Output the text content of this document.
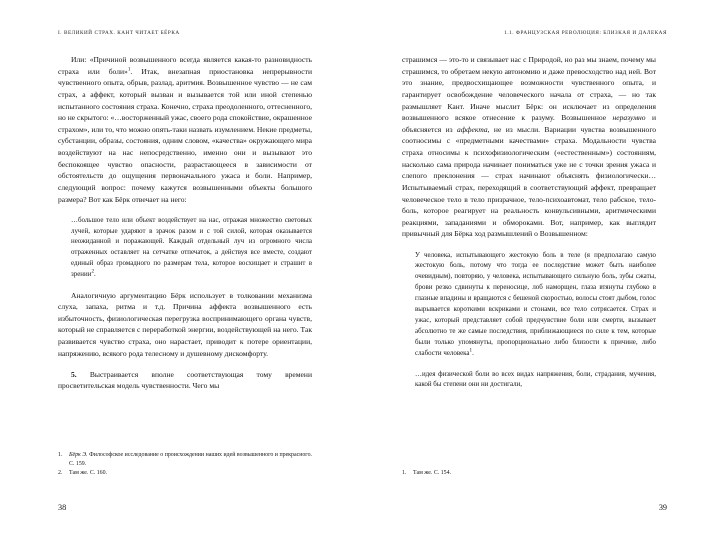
I. ВЕЛИКИЙ СТРАХ. КАНТ ЧИТАЕТ БЁРКА

Или: «Причиной возвышенного всегда является какая-то разновидность страха или боли»$^1$. Итак, внезапная приостановка непрерывности чувственного опыта, обрыв, разлад, аритмия. Возвышенное чувство — не сам страх, а аффект, который вызван и вызывается той или иной степенью испытанного состояния страха. Конечно, страха преодоленного, оттесненного, но не скрытого: «…восторженный ужас, своего рода спокойствие, окрашенное страхом», или то, что можно опять-таки назвать изумлением. Некие предметы, субстанции, образы, состояния, одним словом, «качества» окружающего мира воздействуют на нас непосредственно, именно они и вызывают это беспокоящее чувство опасности, разрастающееся в зависимости от обстоятельств до ощущения первоначального ужаса и боли. Например, следующий вопрос: почему кажутся возвышенными объекты большого размера? Вот как Бёрк отвечает на него:

…большое тело или объект воздействует на нас, отражая множество световых лучей, которые ударяют в зрачок разом и с той силой, которая оказывается неожиданной и поражающей. Каждый отдельный луч из огромного числа отраженных оставляет на сетчатке отпечаток, а действуя все вместе, создают единый образ громадного по размерам тела, которое восхищает и страшит в зрении$^2$.

Аналогичную аргументацию Бёрк использует в толковании механизма слуха, запаха, ритма и т.д. Причина аффекта возвышенного есть избыточность, физиологическая перегрузка воспринимающего органа чувств, который не справляется с переработкой энергии, воздействующей на него. Так развивается чувство страха, оно нарастает, приводит к потере ориентации, напряжению, всякого рода телесному и душевному дискомфорту.

5. Выстраивается вполне соответствующая тому времени просветительская модель чувственности. Чего мы

1. Бёрк Э. Философское исследование о происхождении наших идей возвышенного и прекрасного. С. 159.
2. Там же. С. 160.
38
1.1. ФРАНЦУЗСКАЯ РЕВОЛЮЦИЯ: БЛИЗКАЯ И ДАЛЕКАЯ

страшимся — это-то и связывает нас с Природой, но раз мы знаем, почему мы страшимся, то обретаем некую автономию и даже превосходство над ней. Вот это знание, предвосхищающее возможности чувственного опыта, и гарантирует освобождение человеческого начала от страха, — но так размышляет Кант. Иначе мыслит Бёрк: он исключает из определения возвышенного всякое отнесение к разуму. Возвышенное неразумно и объясняется из аффекта, не из мысли. Вариации чувства возвышенного соотносимы с «предметными качествами» страха. Модальности чувства страха относимы к психофизиологическим («естественным») состояниям, насколько сама природа начинает пониматься уже не с точки зрения ужаса и слепого преклонения — страх начинают объяснять физиологически… Испытываемый страх, переходящий в соответствующий аффект, превращает человеческое тело в тело призрачное, тело-психоавтомат, тело рабское, тело-боль, которое реагирует на реальность конвульсивными, аритмическими реакциями, западаниями и обмороками. Вот, например, как выглядит привычный для Бёрка ход размышлений о Возвышенном:

У человека, испытывающего жестокую боль в теле (я предполагаю самую жестокую боль, потому что тогда ее последствие может быть наиболее очевидным), повторяю, у человека, испытывающего сильную боль, зубы сжаты, брови резко сдвинуты к переносице, лоб наморщен, глаза втянуты глубоко в глазные впадины и вращаются с бешеной скоростью, волосы стоят дыбом, голос вырывается короткими вскриками и стонами, все тело сотрясается. Страх и ужас, который представляет собой предчувствие боли или смерти, вызывает абсолютно те же самые последствия, приближающиеся по силе к тем, которые были только упомянуты, пропорционально либо близости к причине, либо слабости человека$^1$.

…идея физической боли во всех видах напряжения, боли, страдания, мучения, какой бы степени они ни достигали,

1. Там же. С. 154.
39
